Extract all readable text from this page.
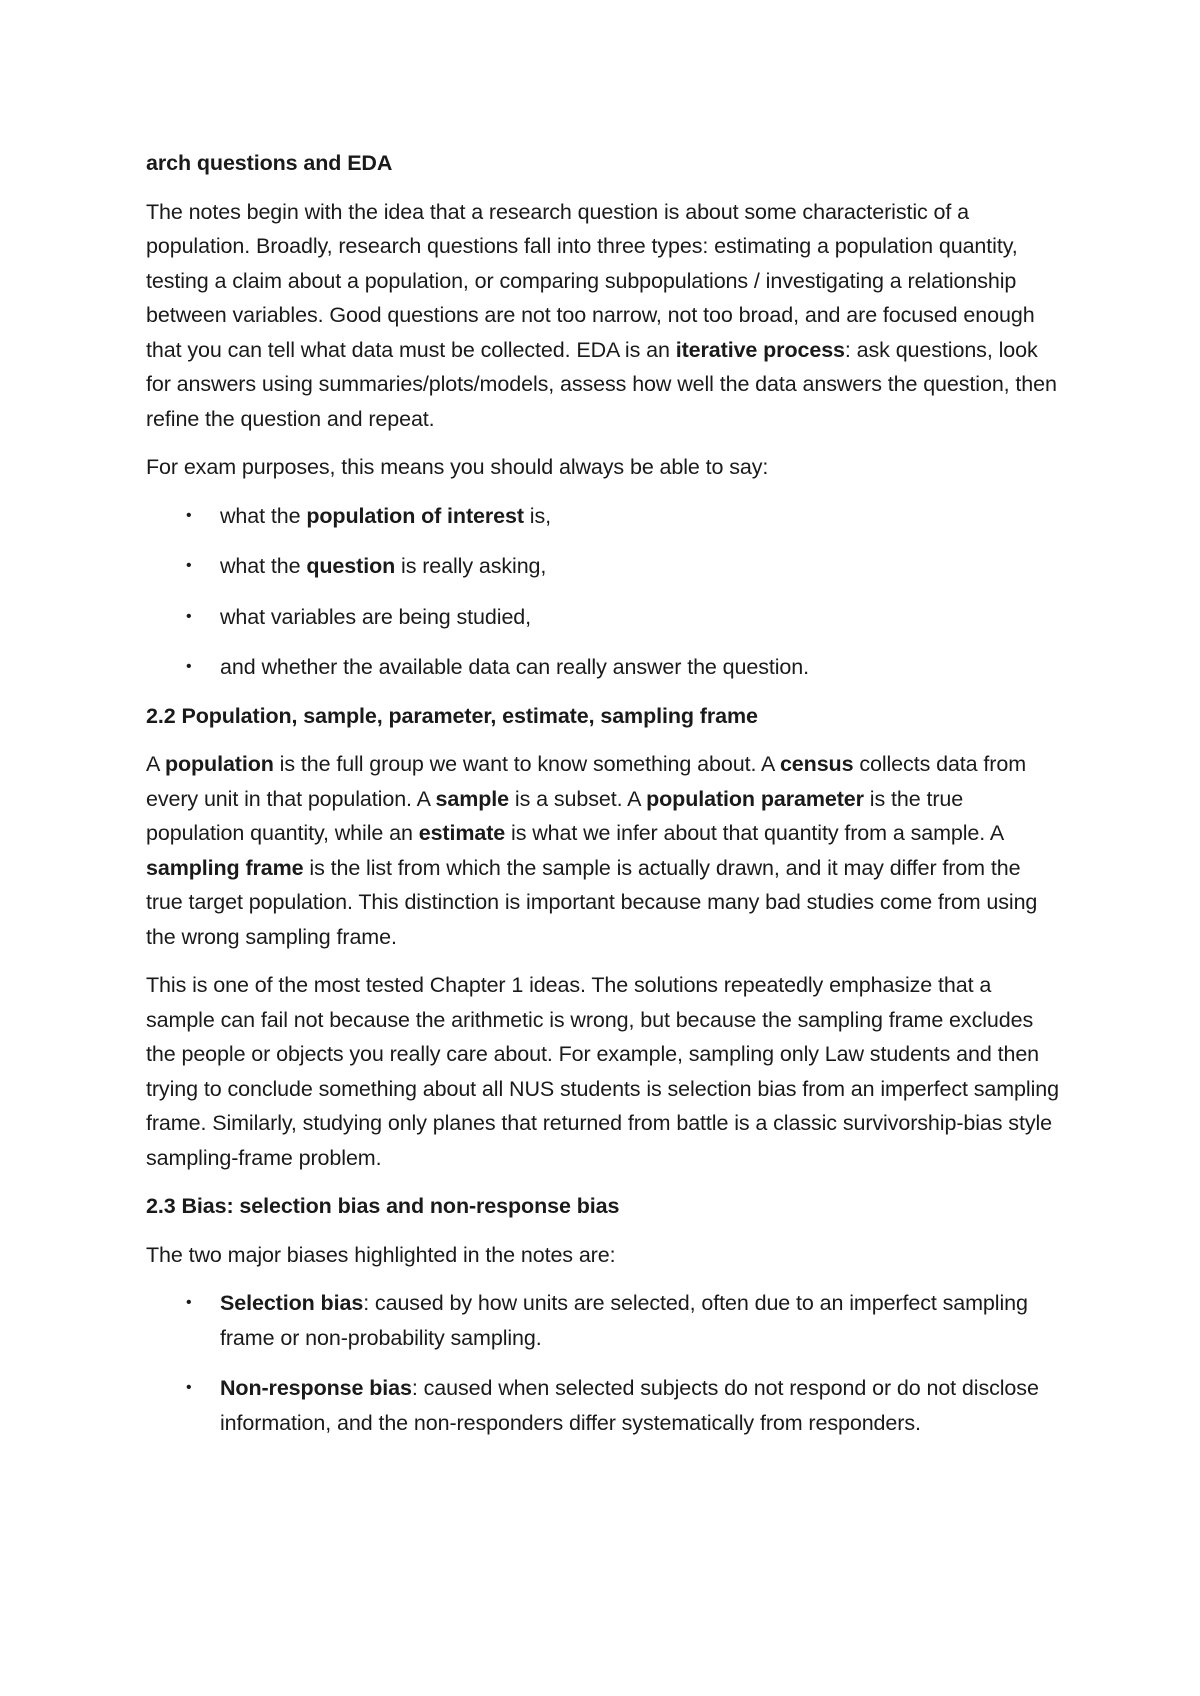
arch questions and EDA

The notes begin with the idea that a research question is about some characteristic of a population. Broadly, research questions fall into three types: estimating a population quantity, testing a claim about a population, or comparing subpopulations / investigating a relationship between variables. Good questions are not too narrow, not too broad, and are focused enough that you can tell what data must be collected. EDA is an iterative process: ask questions, look for answers using summaries/plots/models, assess how well the data answers the question, then refine the question and repeat.

For exam purposes, this means you should always be able to say:

• what the population of interest is,
• what the question is really asking,
• what variables are being studied,
• and whether the available data can really answer the question.
2.2 Population, sample, parameter, estimate, sampling frame

A population is the full group we want to know something about. A census collects data from every unit in that population. A sample is a subset. A population parameter is the true population quantity, while an estimate is what we infer about that quantity from a sample. A sampling frame is the list from which the sample is actually drawn, and it may differ from the true target population. This distinction is important because many bad studies come from using the wrong sampling frame.

This is one of the most tested Chapter 1 ideas. The solutions repeatedly emphasize that a sample can fail not because the arithmetic is wrong, but because the sampling frame excludes the people or objects you really care about. For example, sampling only Law students and then trying to conclude something about all NUS students is selection bias from an imperfect sampling frame. Similarly, studying only planes that returned from battle is a classic survivorship-bias style sampling-frame problem.

2.3 Bias: selection bias and non-response bias

The two major biases highlighted in the notes are:

• Selection bias: caused by how units are selected, often due to an imperfect sampling frame or non-probability sampling.
• Non-response bias: caused when selected subjects do not respond or do not disclose information, and the non-responders differ systematically from responders.
